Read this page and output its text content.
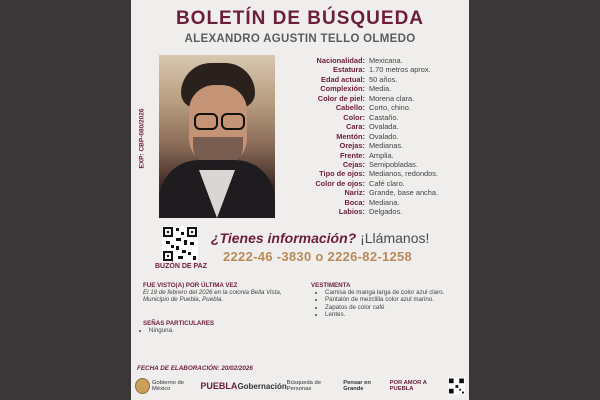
BOLETÍN DE BÚSQUEDA
ALEXANDRO AGUSTIN TELLO OLMEDO
EXP: CBP-080/2026
Nacionalidad: Mexicana.
Estatura: 1.70 metros aprox.
Edad actual: 50 años.
Complexión: Media.
Color de piel: Morena clara.
Cabello: Corto, chino.
Color: Castaño.
Cara: Ovalada.
Mentón: Ovalado.
Orejas: Medianas.
Frente: Amplia.
Cejas: Semipobladas.
Tipo de ojos: Medianos, redondos.
Color de ojos: Café claro.
Nariz: Grande, base ancha.
Boca: Mediana.
Labios: Delgados.
BUZÓN DE PAZ
¿Tienes información? ¡Llámanos!
2222-46 -3830 o 2226-82-1258
FUE VISTO(A) POR ÚLTIMA VEZ
El 19 de febrero del 2026 en la colonia Bella Vista, Municipio de Puebla, Puebla.
VESTIMENTA
• Camisa de manga larga de color azul claro.
• Pantalón de mezclilla color azul marino.
• Zapatos de color café
• Lentes.
SEÑAS PARTICULARES
• Ninguna.
FECHA DE ELABORACIÓN: 20/02/2026
Gobierno de México	PUEBLA Gobernación Búsqueda de Personas
Pensar en Grande
POR AMOR A PUEBLA
